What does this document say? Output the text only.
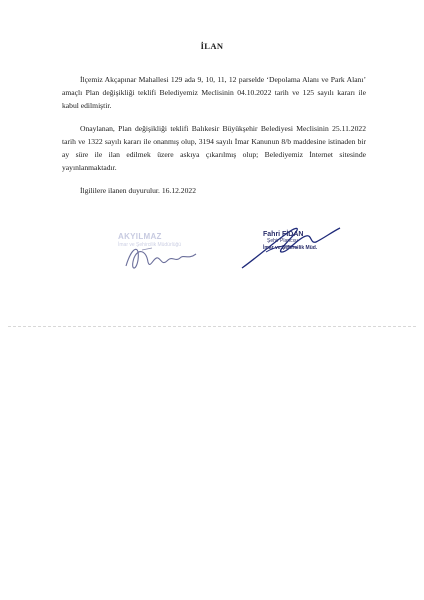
İLAN

İlçemiz Akçapınar Mahallesi 129 ada 9, 10, 11, 12 parselde ‘Depolama Alanı ve Park Alanı’ amaçlı Plan değişikliği teklifi Belediyemiz Meclisinin 04.10.2022 tarih ve 125 sayılı kararı ile kabul edilmiştir.

Onaylanan, Plan değişikliği teklifi Balıkesir Büyükşehir Belediyesi Meclisinin 25.11.2022 tarih ve 1322 sayılı kararı ile onanmış olup, 3194 sayılı İmar Kanunun 8/b maddesine istinaden bir ay süre ile ilan edilmek üzere askıya çıkarılmış olup; Belediyemiz İnternet sitesinde yayınlanmaktadır.

İlgililere ilanen duyurulur. 16.12.2022

AKYILMAZ
İmar ve Şehircilik Müdürlüğü
Fahri FİDAN
Şehir Plancısı
İmar ve Şehircilik Müd.
